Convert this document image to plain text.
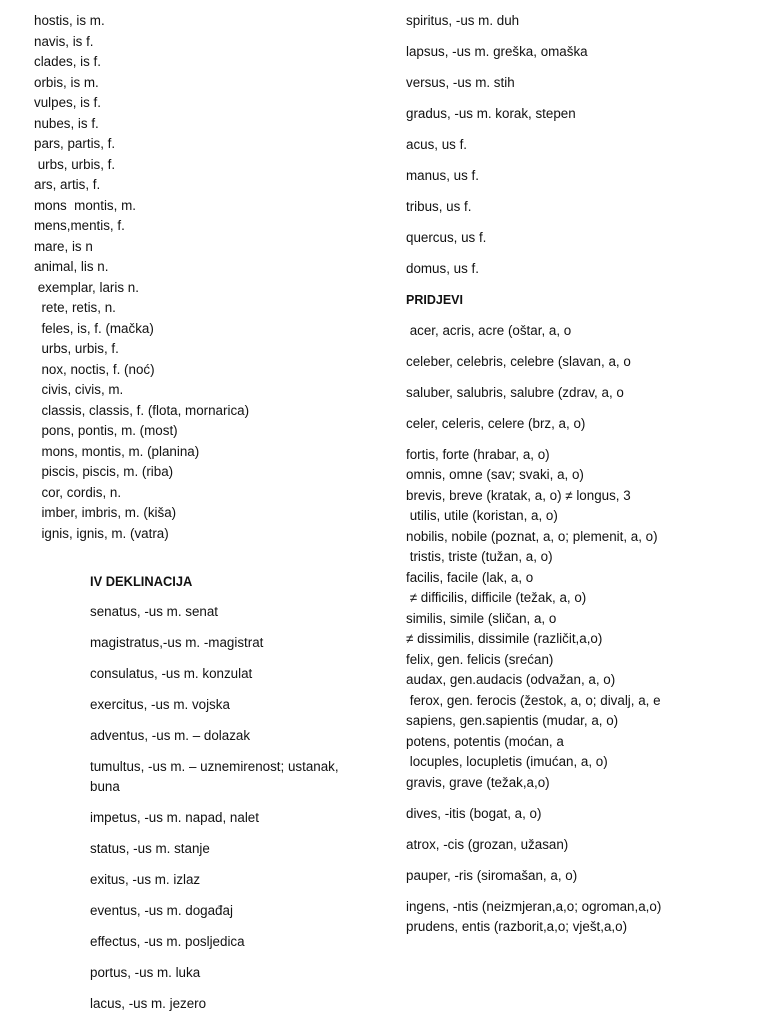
hostis, is m.
navis, is f.
clades, is f.
orbis, is m.
vulpes, is f.
nubes, is f.
pars, partis, f.
urbs, urbis, f.
ars, artis, f.
mons  montis, m.
mens,mentis, f.
mare, is n
animal, lis n.
exemplar, laris n.
rete, retis, n.
feles, is, f. (mačka)
urbs, urbis, f.
nox, noctis, f. (noć)
civis, civis, m.
classis, classis, f. (flota, mornarica)
pons, pontis, m. (most)
mons, montis, m. (planina)
piscis, piscis, m. (riba)
cor, cordis, n.
imber, imbris, m. (kiša)
ignis, ignis, m. (vatra)
IV DEKLINACIJA
senatus, -us m. senat
magistratus,-us m. -magistrat
consulatus, -us m. konzulat
exercitus, -us m. vojska
adventus, -us m. – dolazak
tumultus, -us m. – uznemirenost; ustanak, buna
impetus, -us m. napad, nalet
status, -us m. stanje
exitus, -us m. izlaz
eventus, -us m. događaj
effectus, -us m. posljedica
portus, -us m. luka
lacus, -us m. jezero
spiritus, -us m. duh
lapsus, -us m. greška, omaška
versus, -us m. stih
gradus, -us m. korak, stepen
acus, us f.
manus, us f.
tribus, us f.
quercus, us f.
domus, us f.
PRIDJEVI
acer, acris, acre (oštar, a, o
celeber, celebris, celebre (slavan, a, o
saluber, salubris, salubre (zdrav, a, o
celer, celeris, celere (brz, a, o)
fortis, forte (hrabar, a, o)
omnis, omne (sav; svaki, a, o)
brevis, breve (kratak, a, o) ≠ longus, 3
utilis, utile (koristan, a, o)
nobilis, nobile (poznat, a, o; plemenit, a, o)
tristis, triste (tužan, a, o)
facilis, facile (lak, a, o
≠ difficilis, difficile (težak, a, o)
similis, simile (sličan, a, o
≠ dissimilis, dissimile (različit,a,o)
felix, gen. felicis (srećan)
audax, gen.audacis (odvažan, a, o)
ferox, gen. ferocis (žestok, a, o; divalj, a, e
sapiens, gen.sapientis (mudar, a, o)
potens, potentis (moćan, a
locuples, locupletis (imućan, a, o)
gravis, grave (težak,a,o)
dives, -itis (bogat, a, o)
atrox, -cis (grozan, užasan)
pauper, -ris (siromašan, a, o)
ingens, -ntis (neizmjeran,a,o; ogroman,a,o)
prudens, entis (razborit,a,o; vješt,a,o)
